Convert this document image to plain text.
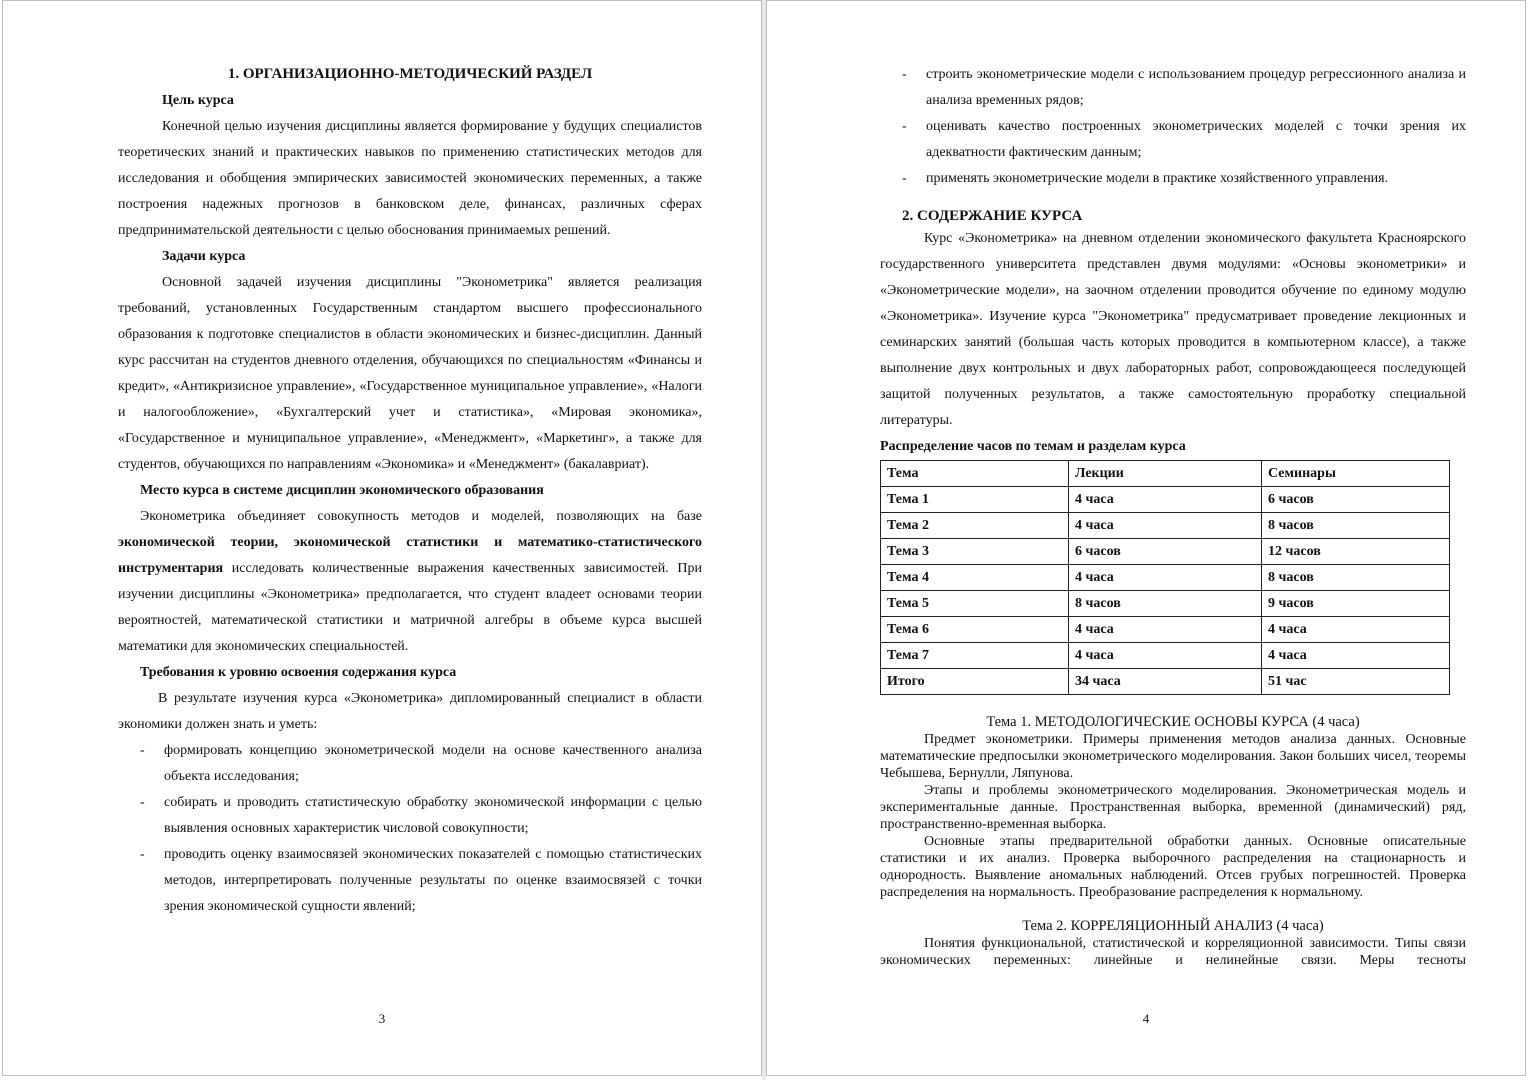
3
1. ОРГАНИЗАЦИОННО-МЕТОДИЧЕСКИЙ РАЗДЕЛ
Цель курса

Конечной целью изучения дисциплины является формирование у будущих специалистов теоретических знаний и практических навыков по применению статистических методов для исследования и обобщения эмпирических зависимостей экономических переменных, а также построения надежных прогнозов в банковском деле, финансах, различных сферах предпринимательской деятельности с целью обоснования принимаемых решений.

Задачи курса

Основной задачей изучения дисциплины "Эконометрика" является реализация требований, установленных Государственным стандартом высшего профессионального образования к подготовке специалистов в области экономических и бизнес-дисциплин. Данный курс рассчитан на студентов дневного отделения, обучающихся по специальностям «Финансы и кредит», «Антикризисное управление», «Государственное муниципальное управление», «Налоги и налогообложение», «Бухгалтерский учет и статистика», «Мировая экономика», «Государственное и муниципальное управление», «Менеджмент», «Маркетинг», а также для студентов, обучающихся по направлениям «Экономика» и «Менеджмент» (бакалавриат).

Место курса в системе дисциплин экономического образования

Эконометрика объединяет совокупность методов и моделей, позволяющих на базе экономической теории, экономической статистики и математико-статистического инструментария исследовать количественные выражения качественных зависимостей. При изучении дисциплины «Эконометрика» предполагается, что студент владеет основами теории вероятностей, математической статистики и матричной алгебры в объеме курса высшей математики для экономических специальностей.

Требования к уровню освоения содержания курса

В результате изучения курса «Эконометрика» дипломированный специалист в области экономики должен знать и уметь:

- формировать концепцию эконометрической модели на основе качественного анализа объекта исследования;
- собирать и проводить статистическую обработку экономической информации с целью выявления основных характеристик числовой совокупности;
- проводить оценку взаимосвязей экономических показателей с помощью статистических методов, интерпретировать полученные результаты по оценке взаимосвязей с точки зрения экономической сущности явлений;
4
- строить эконометрические модели с использованием процедур регрессионного анализа и анализа временных рядов;
- оценивать качество построенных эконометрических моделей с точки зрения их адекватности фактическим данным;
- применять эконометрические модели в практике хозяйственного управления.
2. СОДЕРЖАНИЕ КУРСА

Курс «Эконометрика» на дневном отделении экономического факультета Красноярского государственного университета представлен двумя модулями: «Основы эконометрики» и «Эконометрические модели», на заочном отделении проводится обучение по единому модулю «Эконометрика». Изучение курса "Эконометрика" предусматривает проведение лекционных и семинарских занятий (большая часть которых проводится в компьютерном классе), а также выполнение двух контрольных и двух лабораторных работ, сопровождающееся последующей защитой полученных результатов, а также самостоятельную проработку специальной литературы.

Распределение часов по темам и разделам курса
Тема	Лекции	Семинары
Тема 1	4 часа	6 часов
Тема 2	4 часа	8 часов
Тема 3	6 часов	12 часов
Тема 4	4 часа	8 часов
Тема 5	8 часов	9 часов
Тема 6	4 часа	4 часа
Тема 7	4 часа	4 часа
Итого	34 часа	51 час
Тема 1. МЕТОДОЛОГИЧЕСКИЕ ОСНОВЫ КУРСА (4 часа)

Предмет эконометрики. Примеры применения методов анализа данных. Основные математические предпосылки эконометрического моделирования. Закон больших чисел, теоремы Чебышева, Бернулли, Ляпунова.

Этапы и проблемы эконометрического моделирования. Эконометрическая модель и экспериментальные данные. Пространственная выборка, временной (динамический) ряд, пространственно-временная выборка.

Основные этапы предварительной обработки данных. Основные описательные статистики и их анализ. Проверка выборочного распределения на стационарность и однородность. Выявление аномальных наблюдений. Отсев грубых погрешностей. Проверка распределения на нормальность. Преобразование распределения к нормальному.

Тема 2. КОРРЕЛЯЦИОННЫЙ АНАЛИЗ (4 часа)

Понятия функциональной, статистической и корреляционной зависимости. Типы связи экономических переменных: линейные и нелинейные связи. Меры тесноты
